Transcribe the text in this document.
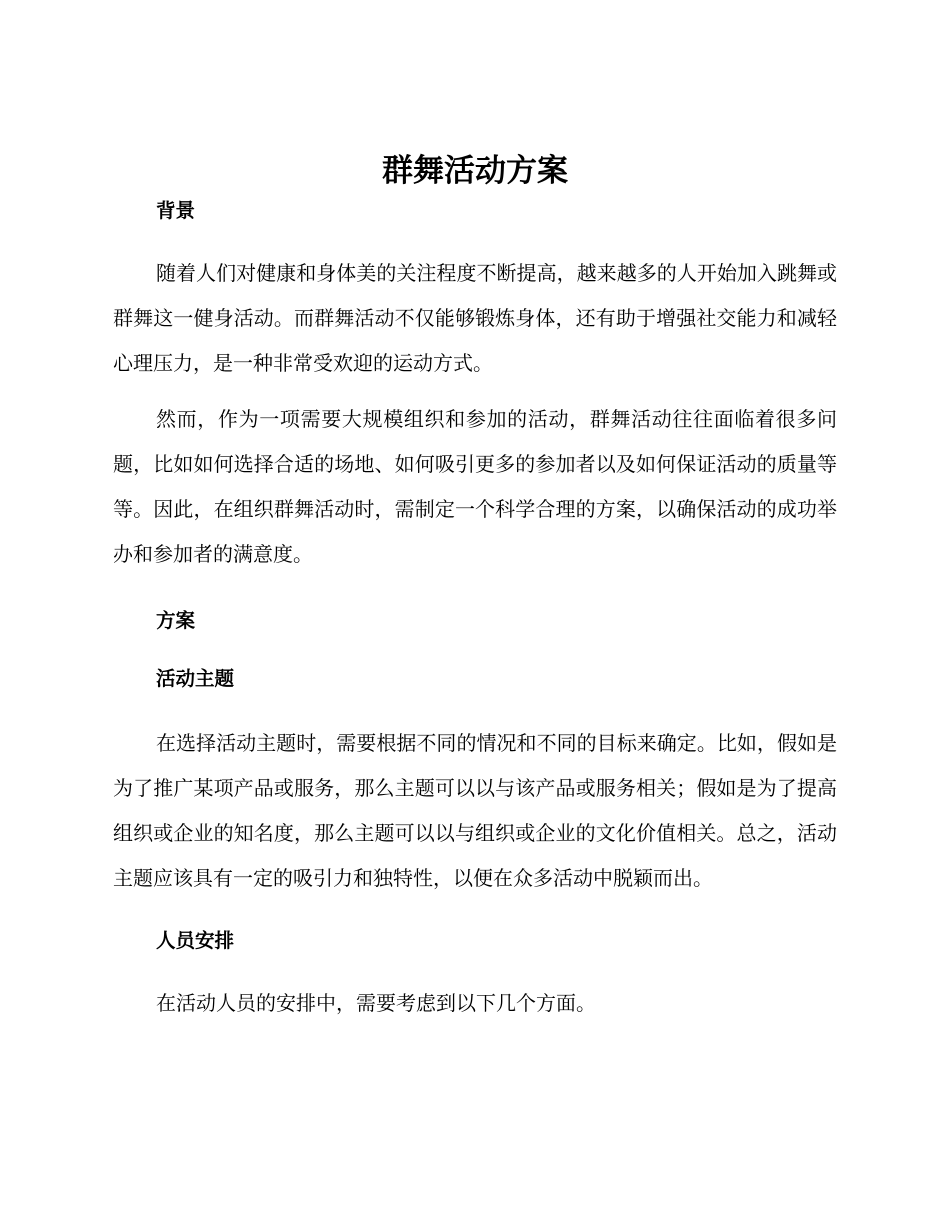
群舞活动方案
背景

随着人们对健康和身体美的关注程度不断提高，越来越多的人开始加入跳舞或群舞这一健身活动。而群舞活动不仅能够锻炼身体，还有助于增强社交能力和减轻心理压力，是一种非常受欢迎的运动方式。

然而，作为一项需要大规模组织和参加的活动，群舞活动往往面临着很多问题，比如如何选择合适的场地、如何吸引更多的参加者以及如何保证活动的质量等等。因此，在组织群舞活动时，需制定一个科学合理的方案，以确保活动的成功举办和参加者的满意度。

方案
活动主题

在选择活动主题时，需要根据不同的情况和不同的目标来确定。比如，假如是为了推广某项产品或服务，那么主题可以以与该产品或服务相关；假如是为了提高组织或企业的知名度，那么主题可以以与组织或企业的文化价值相关。总之，活动主题应该具有一定的吸引力和独特性，以便在众多活动中脱颖而出。

人员安排

在活动人员的安排中，需要考虑到以下几个方面。
